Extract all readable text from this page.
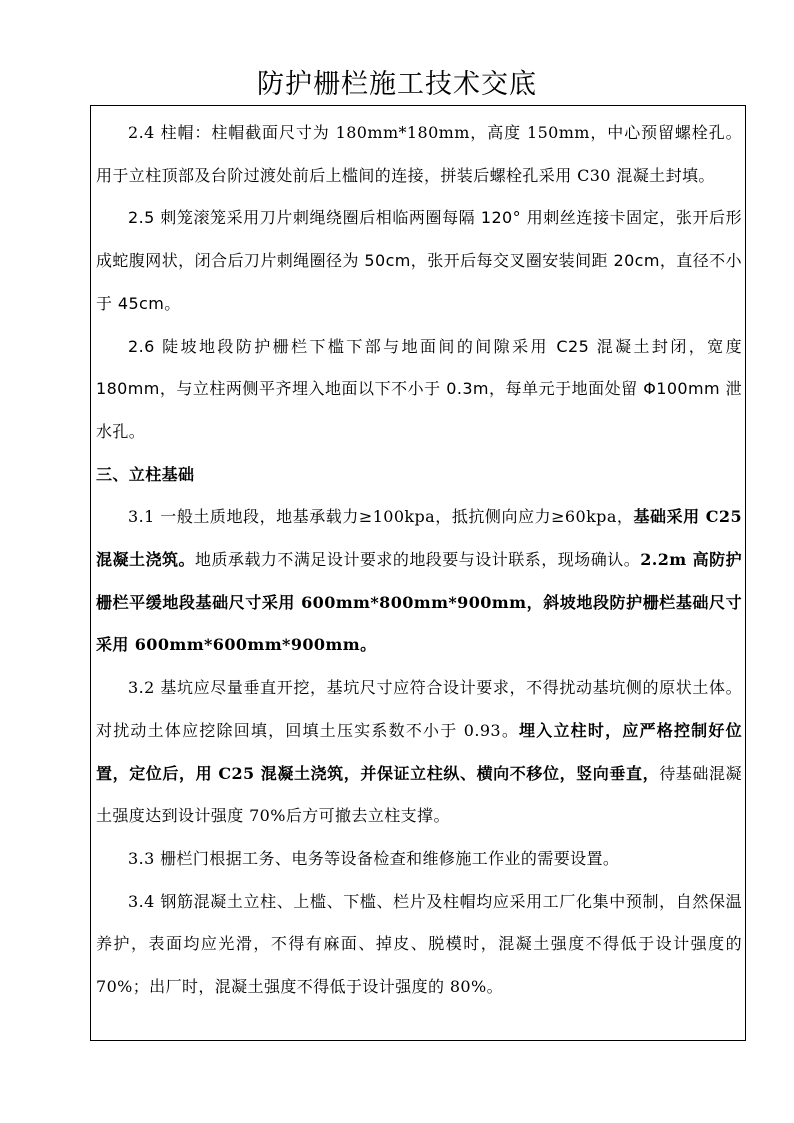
防护栅栏施工技术交底

2.4 柱帽：柱帽截面尺寸为 180mm*180mm，高度 150mm，中心预留螺栓孔。用于立柱顶部及台阶过渡处前后上槛间的连接，拼装后螺栓孔采用 C30 混凝土封填。

2.5 刺笼滚笼采用刀片刺绳绕圈后相临两圈每隔 120° 用刺丝连接卡固定，张开后形成蛇腹网状，闭合后刀片刺绳圈径为 50cm，张开后每交叉圈安装间距 20cm，直径不小于 45cm。

2.6 陡坡地段防护栅栏下槛下部与地面间的间隙采用 C25 混凝土封闭，宽度 180mm，与立柱两侧平齐埋入地面以下不小于 0.3m，每单元于地面处留 Φ100mm 泄水孔。

三、立柱基础

3.1 一般土质地段，地基承载力≥100kpa，抵抗侧向应力≥60kpa，基础采用 C25 混凝土浇筑。地质承载力不满足设计要求的地段要与设计联系，现场确认。2.2m 高防护栅栏平缓地段基础尺寸采用 600mm*800mm*900mm，斜坡地段防护栅栏基础尺寸采用 600mm*600mm*900mm。

3.2 基坑应尽量垂直开挖，基坑尺寸应符合设计要求，不得扰动基坑侧的原状土体。对扰动土体应挖除回填，回填土压实系数不小于 0.93。埋入立柱时，应严格控制好位置，定位后，用 C25 混凝土浇筑，并保证立柱纵、横向不移位，竖向垂直，待基础混凝土强度达到设计强度 70%后方可撤去立柱支撑。

3.3 栅栏门根据工务、电务等设备检查和维修施工作业的需要设置。

3.4 钢筋混凝土立柱、上槛、下槛、栏片及柱帽均应采用工厂化集中预制，自然保温养护，表面均应光滑，不得有麻面、掉皮、脱模时，混凝土强度不得低于设计强度的 70%；出厂时，混凝土强度不得低于设计强度的 80%。
